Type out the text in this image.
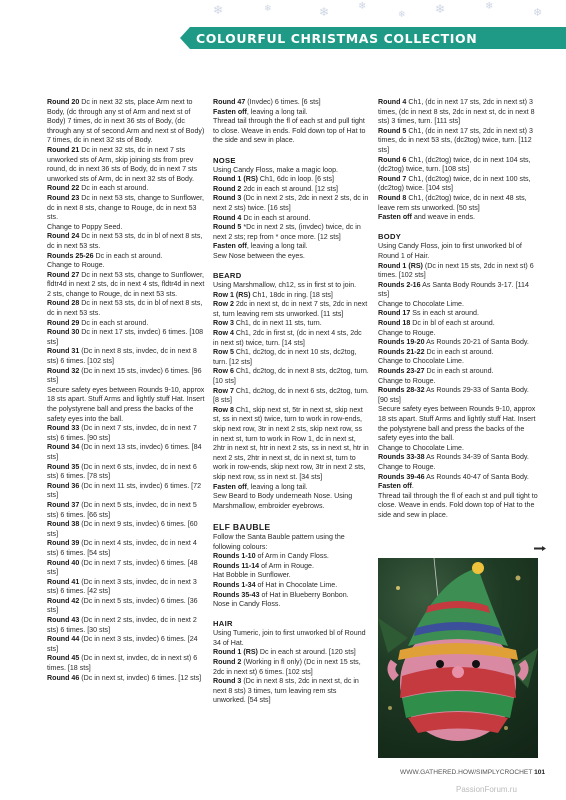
❄	❄	❄	❄
❄ ❄	❄
❄
COLOURFUL CHRISTMAS COLLECTION

Round 20 Dc in next 32 sts, place Arm next to Body, (dc through any st of Arm and next st of Body) 7 times, dc in next 36 sts of Body, (dc through any st of second Arm and next st of Body) 7 times, dc in next 32 sts of Body.

Round 21 Dc in next 32 sts, dc in next 7 sts unworked sts of Arm, skip joining sts from prev round, dc in next 36 sts of Body, dc in next 7 sts unworked sts of Arm, dc in next 32 sts of Body.

Round 22 Dc in each st around.

Round 23 Dc in next 53 sts, change to Sunflower, dc in next 8 sts, change to Rouge, dc in next 53 sts.

Change to Poppy Seed.

Round 24 Dc in next 53 sts, dc in bl of next 8 sts, dc in next 53 sts.

Rounds 25-26 Dc in each st around.

Change to Rouge.

Round 27 Dc in next 53 sts, change to Sunflower, fldtr4d in next 2 sts, dc in next 4 sts, fldtr4d in next 2 sts, change to Rouge, dc in next 53 sts.

Round 28 Dc in next 53 sts, dc in bl of next 8 sts, dc in next 53 sts.

Round 29 Dc in each st around.

Round 30 Dc in next 17 sts, invdec) 6 times. [108 sts]

Round 31 (Dc in next 8 sts, invdec, dc in next 8 sts) 6 times. [102 sts]

Round 32 (Dc in next 15 sts, invdec) 6 times. [96 sts]

Secure safety eyes between Rounds 9-10, approx 18 sts apart. Stuff Arms and lightly stuff Hat. Insert the polystyrene ball and press the backs of the safety eyes into the ball.

Round 33 (Dc in next 7 sts, invdec, dc in next 7 sts) 6 times. [90 sts]

Round 34 (Dc in next 13 sts, invdec) 6 times. [84 sts]

Round 35 (Dc in next 6 sts, invdec, dc in next 6 sts) 6 times. [78 sts]

Round 36 (Dc in next 11 sts, invdec) 6 times. [72 sts]

Round 37 (Dc in next 5 sts, invdec, dc in next 5 sts) 6 times. [66 sts]

Round 38 (Dc in next 9 sts, invdec) 6 times. [60 sts]

Round 39 (Dc in next 4 sts, invdec, dc in next 4 sts) 6 times. [54 sts]

Round 40 (Dc in next 7 sts, invdec) 6 times. [48 sts]

Round 41 (Dc in next 3 sts, invdec, dc in next 3 sts) 6 times. [42 sts]

Round 42 (Dc in next 5 sts, invdec) 6 times. [36 sts]

Round 43 (Dc in next 2 sts, invdec, dc in next 2 sts) 6 times. [30 sts]

Round 44 (Dc in next 3 sts, invdec) 6 times. [24 sts]

Round 45 (Dc in next st, invdec, dc in next st) 6 times. [18 sts]

Round 46 (Dc in next st, invdec) 6 times. [12 sts]

Round 47 (Invdec) 6 times. [6 sts]

Fasten off, leaving a long tail.

Thread tail through the fl of each st and pull tight to close. Weave in ends. Fold down top of Hat to the side and sew in place.

NOSE

Using Candy Floss, make a magic loop.

Round 1 (RS) Ch1, 6dc in loop. [6 sts]

Round 2 2dc in each st around. [12 sts]

Round 3 (Dc in next 2 sts, 2dc in next 2 sts, dc in next 2 sts) twice. [16 sts]

Round 4 Dc in each st around.

Round 5 *Dc in next 2 sts, (invdec) twice, dc in next 2 sts; rep from * once more. [12 sts]

Fasten off, leaving a long tail.

Sew Nose between the eyes.

BEARD

Using Marshmallow, ch12, ss in first st to join.

Row 1 (RS) Ch1, 18dc in ring. [18 sts]

Row 2 2dc in next st, dc in next 7 sts, 2dc in next st, turn leaving rem sts unworked. [11 sts]

Row 3 Ch1, dc in next 11 sts, turn.

Row 4 Ch1, 2dc in first st, (dc in next 4 sts, 2dc in next st) twice, turn. [14 sts]

Row 5 Ch1, dc2tog, dc in next 10 sts, dc2tog, turn. [12 sts]

Row 6 Ch1, dc2tog, dc in next 8 sts, dc2tog, turn. [10 sts]

Row 7 Ch1, dc2tog, dc in next 6 sts, dc2tog, turn. [8 sts]

Row 8 Ch1, skip next st, 5tr in next st, skip next st, ss in next st) twice, turn to work in row-ends, skip next row, 3tr in next 2 sts, skip next row, ss in next st, turn to work in Row 1, dc in next st, 2htr in next st, htr in next 2 sts, ss in next st, htr in next 2 sts, 2htr in next st, dc in next st, turn to work in row-ends, skip next row, 3tr in next 2 sts, skip next row, ss in next st. [34 sts]

Fasten off, leaving a long tail.

Sew Beard to Body underneath Nose. Using Marshmallow, embroider eyebrows.

ELF BAUBLE

Follow the Santa Bauble pattern using the following colours:

Rounds 1-10 of Arm in Candy Floss.

Rounds 11-14 of Arm in Rouge.

Hat Bobble in Sunflower.

Rounds 1-34 of Hat in Chocolate Lime.

Rounds 35-43 of Hat in Blueberry Bonbon.

Nose in Candy Floss.

HAIR

Using Tumeric, join to first unworked bl of Round 34 of Hat.

Round 1 (RS) Dc in each st around. [120 sts]

Round 2 (Working in fl only) (Dc in next 15 sts, 2dc in next st) 6 times. [102 sts]

Round 3 (Dc in next 8 sts, 2dc in next st, dc in next 8 sts) 3 times, turn leaving rem sts unworked. [54 sts]

Round 4 Ch1, (dc in next 17 sts, 2dc in next st) 3 times, (dc in next 8 sts, 2dc in next st, dc in next 8 sts) 3 times, turn. [111 sts]

Round 5 Ch1, (dc in next 17 sts, 2dc in next st) 3 times, dc in next 53 sts, (dc2tog) twice, turn. [112 sts]

Round 6 Ch1, (dc2tog) twice, dc in next 104 sts, (dc2tog) twice, turn. [108 sts]

Round 7 Ch1, (dc2tog) twice, dc in next 100 sts, (dc2tog) twice. [104 sts]

Round 8 Ch1, (dc2tog) twice, dc in next 48 sts, leave rem sts unworked. [50 sts]

Fasten off and weave in ends.

BODY

Using Candy Floss, join to first unworked bl of Round 1 of Hair.

Round 1 (RS) (Dc in next 15 sts, 2dc in next st) 6 times. [102 sts]

Rounds 2-16 As Santa Body Rounds 3-17. [114 sts]

Change to Chocolate Lime.

Round 17 Ss in each st around.

Round 18 Dc in bl of each st around.

Change to Rouge.

Rounds 19-20 As Rounds 20-21 of Santa Body.

Rounds 21-22 Dc in each st around.

Change to Chocolate Lime.

Rounds 23-27 Dc in each st around.

Change to Rouge.

Rounds 28-32 As Rounds 29-33 of Santa Body. [90 sts]

Secure safety eyes between Rounds 9-10, approx 18 sts apart. Stuff Arms and lightly stuff Hat. Insert the polystyrene ball and press the backs of the safety eyes into the ball.

Change to Chocolate Lime.

Rounds 33-38 As Rounds 34-39 of Santa Body.

Change to Rouge.

Rounds 39-46 As Rounds 40-47 of Santa Body.

Fasten off.

Thread tail through the fl of each st and pull tight to close. Weave in ends. Fold down top of Hat to the side and sew in place.

WWW.GATHERED.HOW/SIMPLYCROCHET 101
PassionForum.ru
